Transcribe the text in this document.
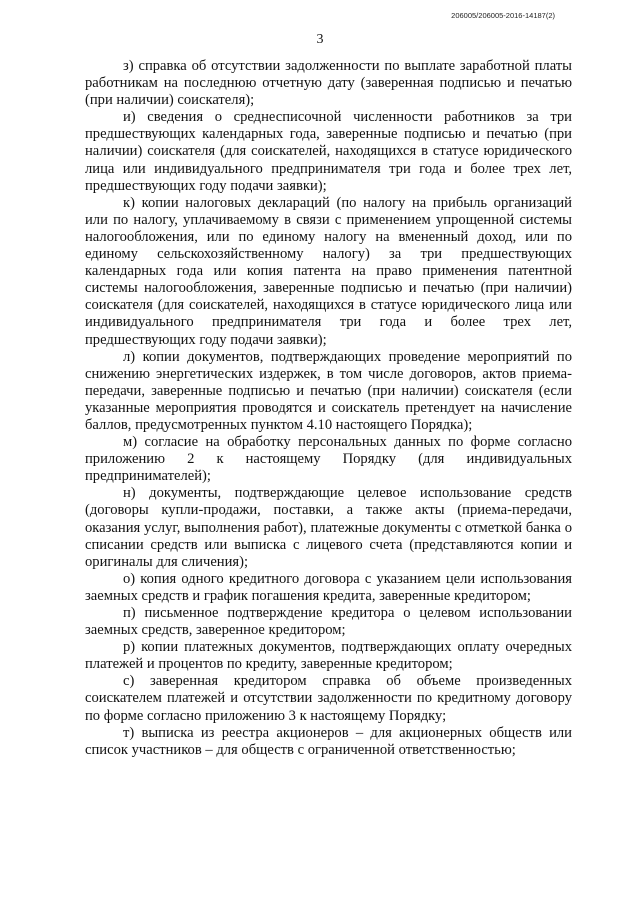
206005/206005-2016-14187(2)
3

з) справка об отсутствии задолженности по выплате заработной платы работникам на последнюю отчетную дату (заверенная подписью и печатью (при наличии) соискателя);

и) сведения о среднесписочной численности работников за три предшествующих календарных года, заверенные подписью и печатью (при наличии) соискателя (для соискателей, находящихся в статусе юридического лица или индивидуального предпринимателя три года и более трех лет, предшествующих году подачи заявки);

к) копии налоговых деклараций (по налогу на прибыль организаций или по налогу, уплачиваемому в связи с применением упрощенной системы налогообложения, или по единому налогу на вмененный доход, или по единому сельскохозяйственному налогу) за три предшествующих календарных года или копия патента на право применения патентной системы налогообложения, заверенные подписью и печатью (при наличии) соискателя (для соискателей, находящихся в статусе юридического лица или индивидуального предпринимателя три года и более трех лет, предшествующих году подачи заявки);

л) копии документов, подтверждающих проведение мероприятий по снижению энергетических издержек, в том числе договоров, актов приема-передачи, заверенные подписью и печатью (при наличии) соискателя (если указанные мероприятия проводятся и соискатель претендует на начисление баллов, предусмотренных пунктом 4.10 настоящего Порядка);

м) согласие на обработку персональных данных по форме согласно приложению 2 к настоящему Порядку (для индивидуальных предпринимателей);

н) документы, подтверждающие целевое использование средств (договоры купли-продажи, поставки, а также акты (приема-передачи, оказания услуг, выполнения работ), платежные документы с отметкой банка о списании средств или выписка с лицевого счета (представляются копии и оригиналы для сличения);

о) копия одного кредитного договора с указанием цели использования заемных средств и график погашения кредита, заверенные кредитором;

п) письменное подтверждение кредитора о целевом использовании заемных средств, заверенное кредитором;

р) копии платежных документов, подтверждающих оплату очередных платежей и процентов по кредиту, заверенные кредитором;

с) заверенная кредитором справка об объеме произведенных соискателем платежей и отсутствии задолженности по кредитному договору по форме согласно приложению 3 к настоящему Порядку;

т) выписка из реестра акционеров – для акционерных обществ или список участников – для обществ с ограниченной ответственностью;
